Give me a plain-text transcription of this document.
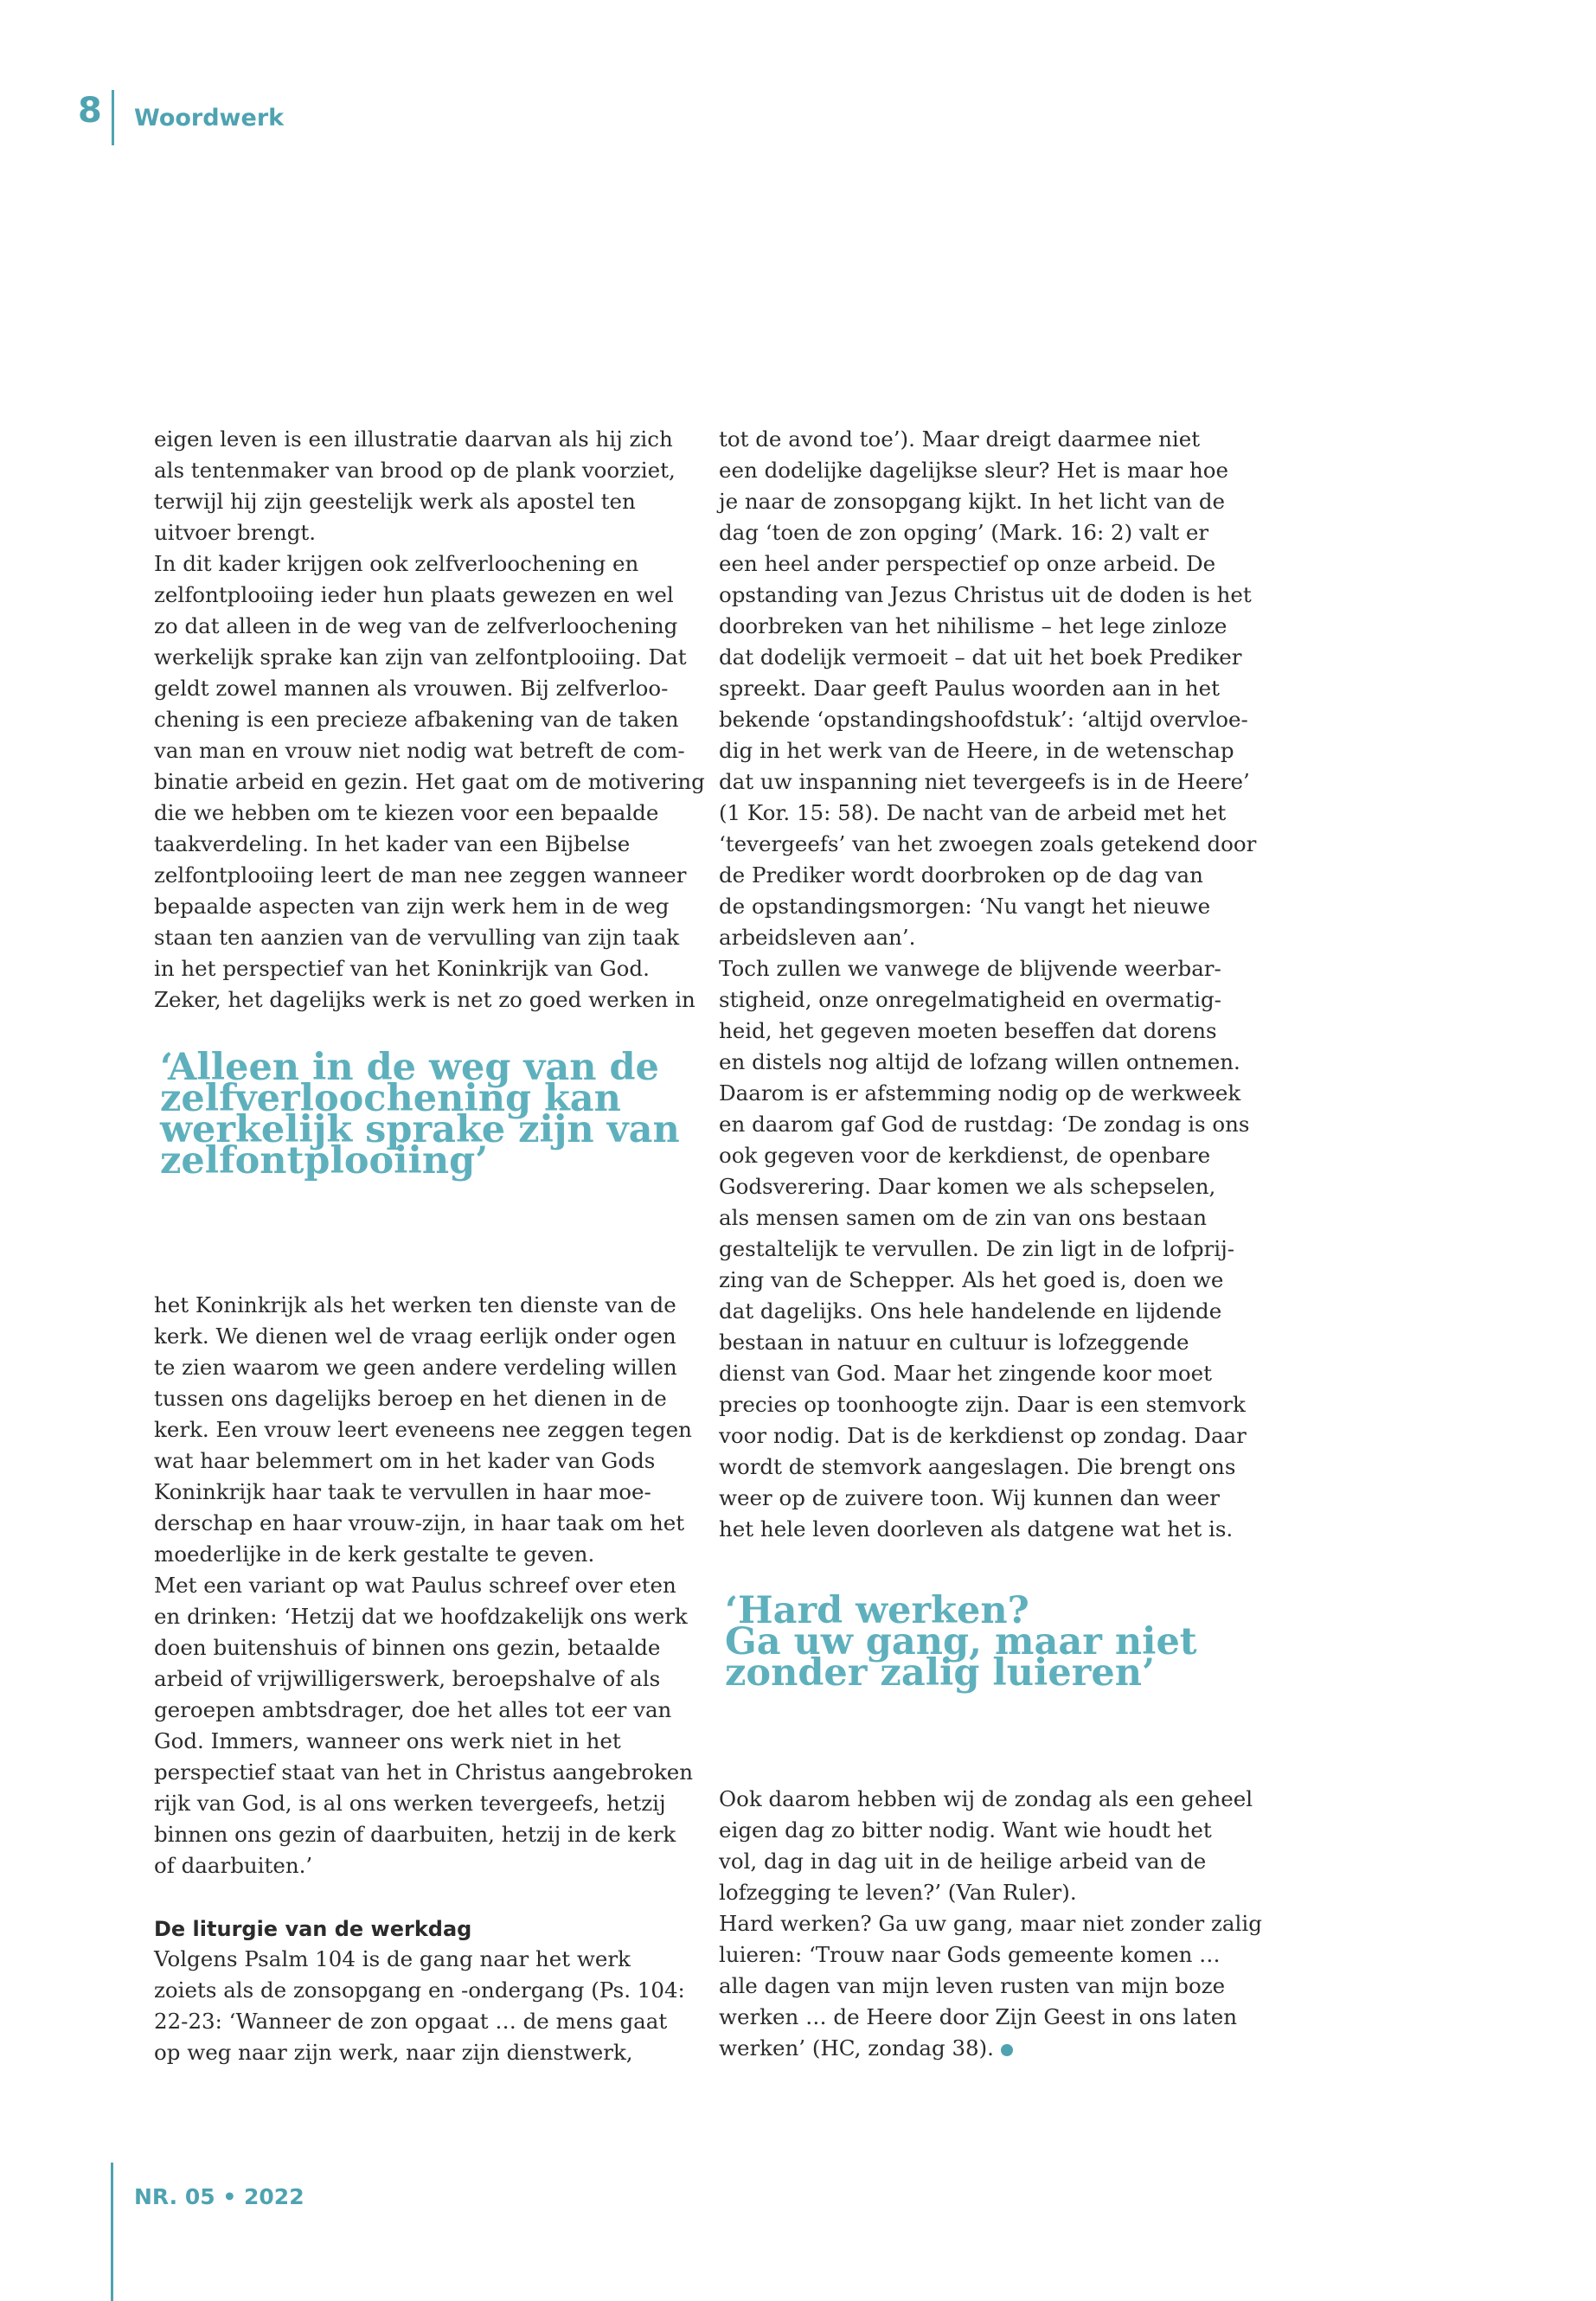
8 Woordwerk
eigen leven is een illustratie daarvan als hij zich
als tentenmaker van brood op de plank voorziet,
terwijl hij zijn geestelijk werk als apostel ten
uitvoer brengt.
In dit kader krijgen ook zelfverloochening en
zelfontplooiing ieder hun plaats gewezen en wel
zo dat alleen in de weg van de zelfverloochening
werkelijk sprake kan zijn van zelfontplooiing. Dat
geldt zowel mannen als vrouwen. Bij zelfverloo-
chening is een precieze afbakening van de taken
van man en vrouw niet nodig wat betreft de com-
binatie arbeid en gezin. Het gaat om de motivering
die we hebben om te kiezen voor een bepaalde
taakverdeling. In het kader van een Bijbelse
zelfontplooiing leert de man nee zeggen wanneer
bepaalde aspecten van zijn werk hem in de weg
staan ten aanzien van de vervulling van zijn taak
in het perspectief van het Koninkrijk van God.
Zeker, het dagelijks werk is net zo goed werken in
‘Alleen in de weg van de
zelfverloochening kan
werkelijk sprake zijn van
zelfontplooiing’
het Koninkrijk als het werken ten dienste van de
kerk. We dienen wel de vraag eerlijk onder ogen
te zien waarom we geen andere verdeling willen
tussen ons dagelijks beroep en het dienen in de
kerk. Een vrouw leert eveneens nee zeggen tegen
wat haar belemmert om in het kader van Gods
Koninkrijk haar taak te vervullen in haar moe-
derschap en haar vrouw-zijn, in haar taak om het
moederlijke in de kerk gestalte te geven.
Met een variant op wat Paulus schreef over eten
en drinken: ‘Hetzij dat we hoofdzakelijk ons werk
doen buitenshuis of binnen ons gezin, betaalde
arbeid of vrijwilligerswerk, beroepshalve of als
geroepen ambtsdrager, doe het alles tot eer van
God. Immers, wanneer ons werk niet in het
perspectief staat van het in Christus aangebroken
rijk van God, is al ons werken tevergeefs, hetzij
binnen ons gezin of daarbuiten, hetzij in de kerk
of daarbuiten.’
De liturgie van de werkdag
Volgens Psalm 104 is de gang naar het werk
zoiets als de zonsopgang en -ondergang (Ps. 104:
22-23: ‘Wanneer de zon opgaat … de mens gaat
op weg naar zijn werk, naar zijn dienstwerk,
tot de avond toe’). Maar dreigt daarmee niet
een dodelijke dagelijkse sleur? Het is maar hoe
je naar de zonsopgang kijkt. In het licht van de
dag ‘toen de zon opging’ (Mark. 16: 2) valt er
een heel ander perspectief op onze arbeid. De
opstanding van Jezus Christus uit de doden is het
doorbreken van het nihilisme – het lege zinloze
dat dodelijk vermoeit – dat uit het boek Prediker
spreekt. Daar geeft Paulus woorden aan in het
bekende ‘opstandingshoofdstuk’: ‘altijd overvloe-
dig in het werk van de Heere, in de wetenschap
dat uw inspanning niet tevergeefs is in de Heere’
(1 Kor. 15: 58). De nacht van de arbeid met het
‘tevergeefs’ van het zwoegen zoals getekend door
de Prediker wordt doorbroken op de dag van
de opstandingsmorgen: ‘Nu vangt het nieuwe
arbeidsleven aan’.
Toch zullen we vanwege de blijvende weerbar-
stigheid, onze onregelmatigheid en overmatig-
heid, het gegeven moeten beseffen dat dorens
en distels nog altijd de lofzang willen ontnemen.
Daarom is er afstemming nodig op de werkweek
en daarom gaf God de rustdag: ‘De zondag is ons
ook gegeven voor de kerkdienst, de openbare
Godsverering. Daar komen we als schepselen,
als mensen samen om de zin van ons bestaan
gestaltelijk te vervullen. De zin ligt in de lofprij-
zing van de Schepper. Als het goed is, doen we
dat dagelijks. Ons hele handelende en lijdende
bestaan in natuur en cultuur is lofzeggende
dienst van God. Maar het zingende koor moet
precies op toonhoogte zijn. Daar is een stemvork
voor nodig. Dat is de kerkdienst op zondag. Daar
wordt de stemvork aangeslagen. Die brengt ons
weer op de zuivere toon. Wij kunnen dan weer
het hele leven doorleven als datgene wat het is.
‘Hard werken?
Ga uw gang, maar niet
zonder zalig luieren’
Ook daarom hebben wij de zondag als een geheel
eigen dag zo bitter nodig. Want wie houdt het
vol, dag in dag uit in de heilige arbeid van de
lofzegging te leven?’ (Van Ruler).
Hard werken? Ga uw gang, maar niet zonder zalig
luieren: ‘Trouw naar Gods gemeente komen …
alle dagen van mijn leven rusten van mijn boze
werken … de Heere door Zijn Geest in ons laten
werken’ (HC, zondag 38).
NR. 05 • 2022
